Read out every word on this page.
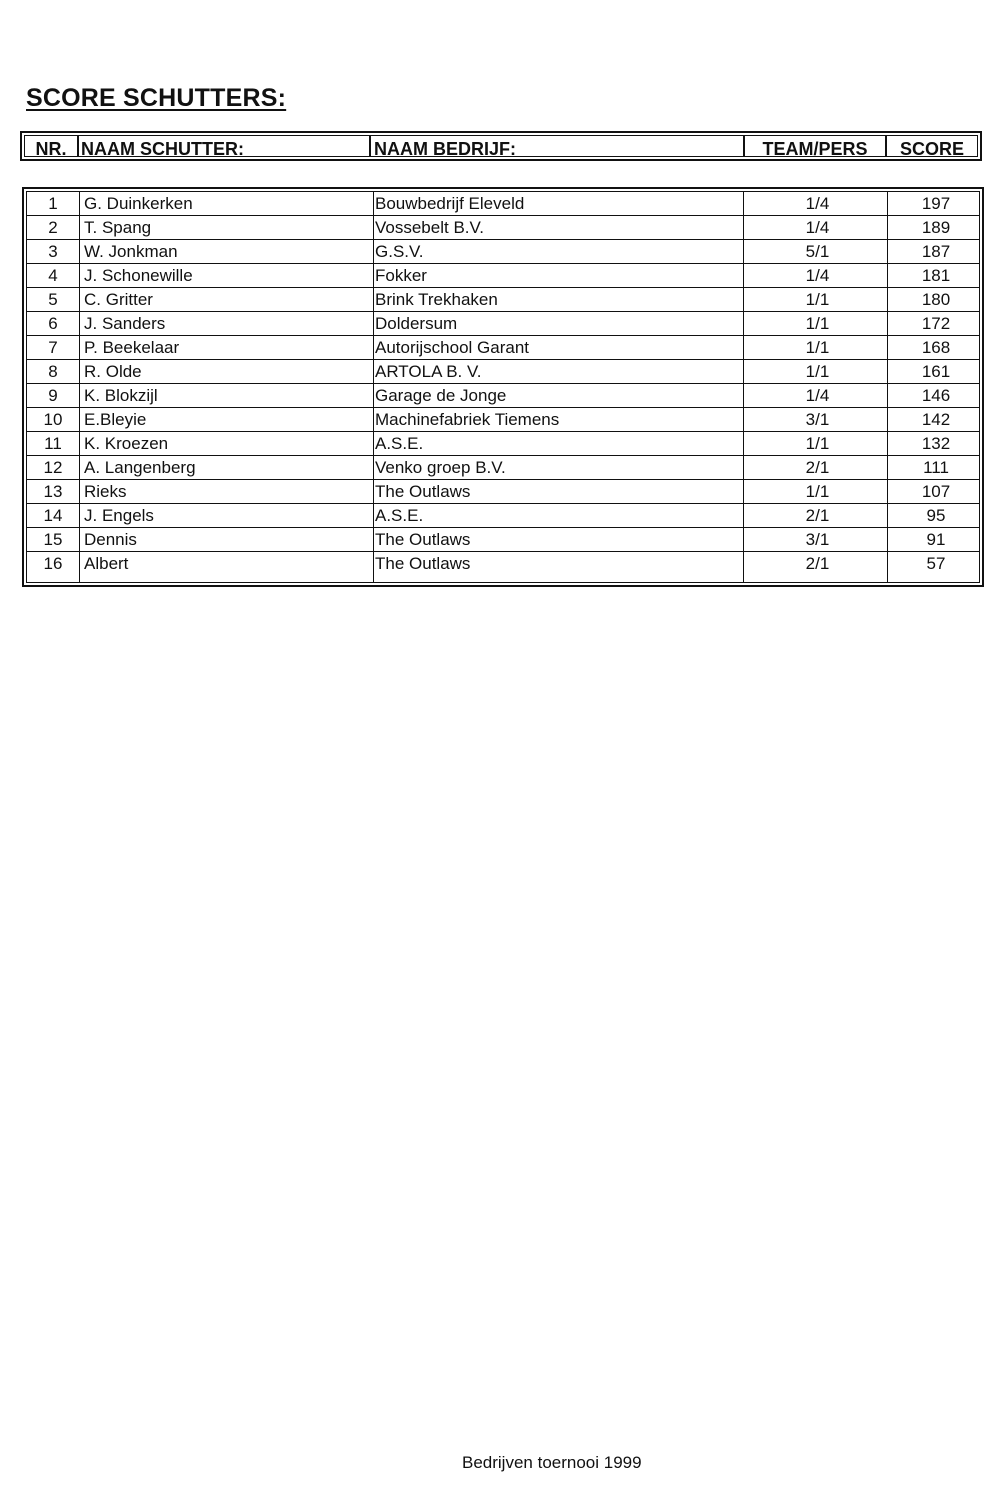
SCORE SCHUTTERS:
NR. NAAM SCHUTTER:	NAAM BEDRIJF:	TEAM/PERS	SCORE
1	G. Duinkerken	Bouwbedrijf Eleveld	1/4	197
2	T. Spang	Vossebelt B.V.	1/4	189
3	W. Jonkman	G.S.V.	5/1	187
4	J. Schonewille	Fokker	1/4	181
5	C. Gritter	Brink Trekhaken	1/1	180
6	J. Sanders	Doldersum	1/1	172
7	P. Beekelaar	Autorijschool Garant	1/1	168
8	R. Olde	ARTOLA B. V.	1/1	161
9	K. Blokzijl	Garage de Jonge	1/4	146
10	E.Bleyie	Machinefabriek Tiemens	3/1	142
11	K. Kroezen	A.S.E.	1/1	132
12	A. Langenberg	Venko groep B.V.	2/1	111
13	Rieks	The Outlaws	1/1	107
14	J. Engels	A.S.E.	2/1	95
15	Dennis	The Outlaws	3/1	91
16	Albert	The Outlaws	2/1	57
Bedrijven toernooi 1999
